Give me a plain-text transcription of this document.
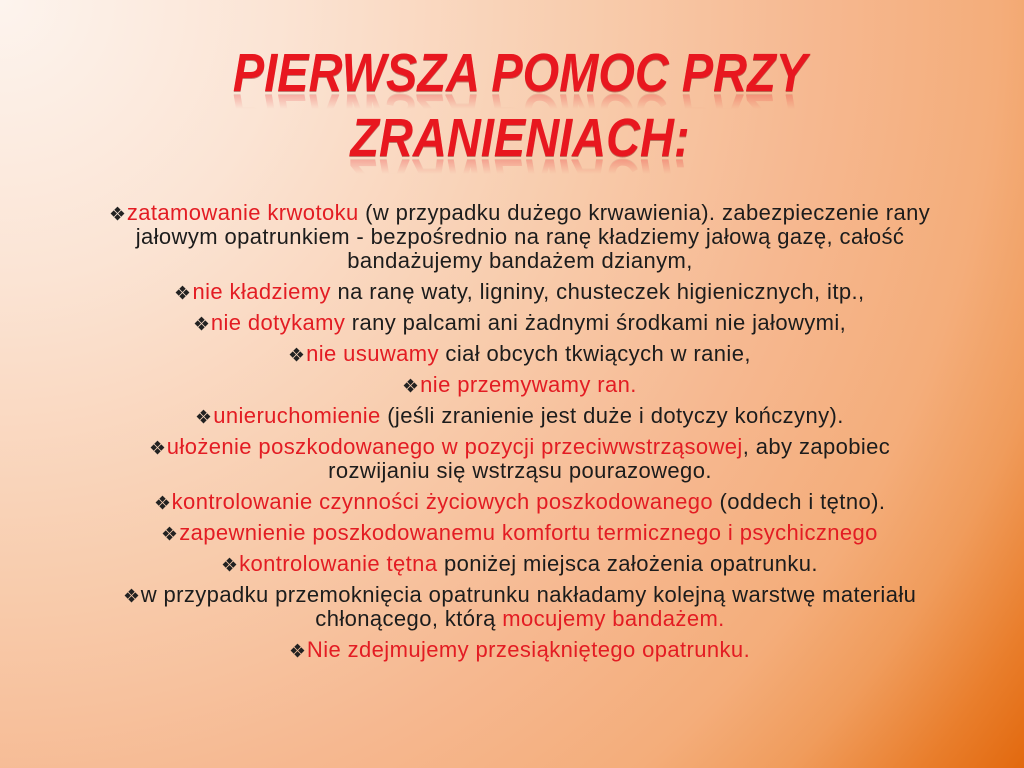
PIERWSZA POMOC PRZY
ZRANIENIACH:
zatamowanie krwotoku (w przypadku dużego krwawienia). zabezpieczenie rany
jałowym opatrunkiem - bezpośrednio na ranę kładziemy jałową gazę, całość
bandażujemy bandażem dzianym,
nie kładziemy na ranę waty, ligniny, chusteczek higienicznych, itp.,
nie dotykamy rany palcami ani żadnymi środkami nie jałowymi,
nie usuwamy ciał obcych tkwiących w ranie,
nie przemywamy ran.
unieruchomienie (jeśli zranienie jest duże i dotyczy kończyny).
ułożenie poszkodowanego w pozycji przeciwwstrząsowej, aby zapobiec
rozwijaniu się wstrząsu pourazowego.
kontrolowanie czynności życiowych poszkodowanego (oddech i tętno).
zapewnienie poszkodowanemu komfortu termicznego i psychicznego
kontrolowanie tętna poniżej miejsca założenia opatrunku.
w przypadku przemoknięcia opatrunku nakładamy kolejną warstwę materiału
chłonącego, którą mocujemy bandażem.
Nie zdejmujemy przesiąkniętego opatrunku.
